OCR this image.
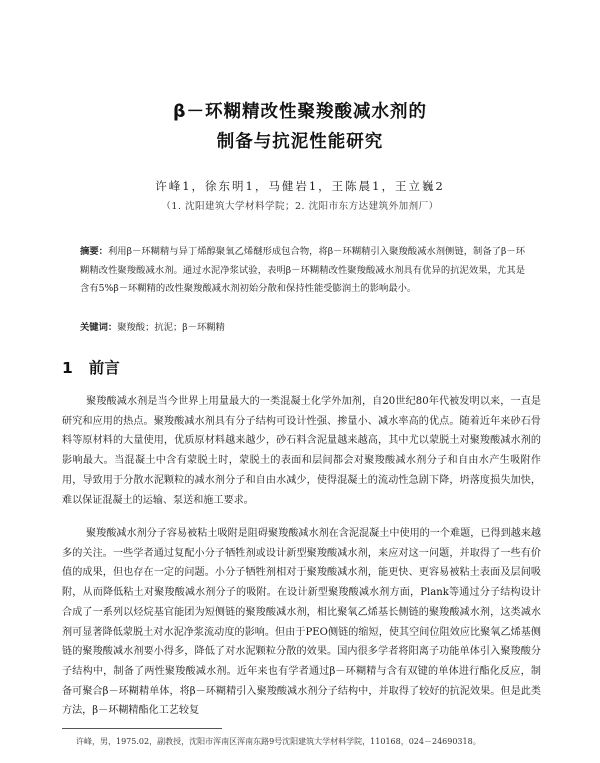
β－环糊精改性聚羧酸减水剂的
制备与抗泥性能研究
许峰1，徐东明1，马健岩1，王陈晨1，王立巍2
（1. 沈阳建筑大学材料学院；2. 沈阳市东方达建筑外加剂厂）
摘要：利用β－环糊精与异丁烯醇聚氧乙烯醚形成包合物，将β－环糊精引入聚羧酸减水剂侧链，制备了β－环糊精改性聚羧酸减水剂。通过水泥净浆试验，表明β－环糊精改性聚羧酸减水剂具有优异的抗泥效果，尤其是含有5%β－环糊精的改性聚羧酸减水剂初始分散和保持性能受膨润土的影响最小。
关键词：聚羧酸；抗泥；β－环糊精
1 前言
聚羧酸减水剂是当今世界上用量最大的一类混凝土化学外加剂，自20世纪80年代被发明以来，一直是研究和应用的热点。聚羧酸减水剂具有分子结构可设计性强、掺量小、减水率高的优点。随着近年来砂石骨料等原材料的大量使用，优质原材料越来越少，砂石料含泥量越来越高，其中尤以蒙脱土对聚羧酸减水剂的影响最大。当混凝土中含有蒙脱土时，蒙脱土的表面和层间都会对聚羧酸减水剂分子和自由水产生吸附作用，导致用于分散水泥颗粒的减水剂分子和自由水减少，使得混凝土的流动性急剧下降，坍落度损失加快，难以保证混凝土的运输、泵送和施工要求。
聚羧酸减水剂分子容易被粘土吸附是阻碍聚羧酸减水剂在含泥混凝土中使用的一个难题，已得到越来越多的关注。一些学者通过复配小分子牺牲剂或设计新型聚羧酸减水剂，来应对这一问题，并取得了一些有价值的成果，但也存在一定的问题。小分子牺牲剂相对于聚羧酸减水剂，能更快、更容易被粘土表面及层间吸附，从而降低粘土对聚羧酸减水剂分子的吸附。在设计新型聚羧酸减水剂方面，Plank等通过分子结构设计合成了一系列以烃烷基官能团为短侧链的聚羧酸减水剂，相比聚氧乙烯基长侧链的聚羧酸减水剂，这类减水剂可显著降低蒙脱土对水泥净浆流动度的影响。但由于PEO侧链的缩短，使其空间位阻效应比聚氧乙烯基侧链的聚羧酸减水剂要小得多，降低了对水泥颗粒分散的效果。国内很多学者将阳离子功能单体引入聚羧酸分子结构中，制备了两性聚羧酸减水剂。近年来也有学者通过β－环糊精与含有双键的单体进行酯化反应，制备可聚合β－环糊精单体，将β－环糊精引入聚羧酸减水剂分子结构中，并取得了较好的抗泥效果。但是此类方法，β－环糊精酯化工艺较复
许峰，男，1975.02，副教授，沈阳市浑南区浑南东路9号沈阳建筑大学材料学院，110168，024－24690318。
